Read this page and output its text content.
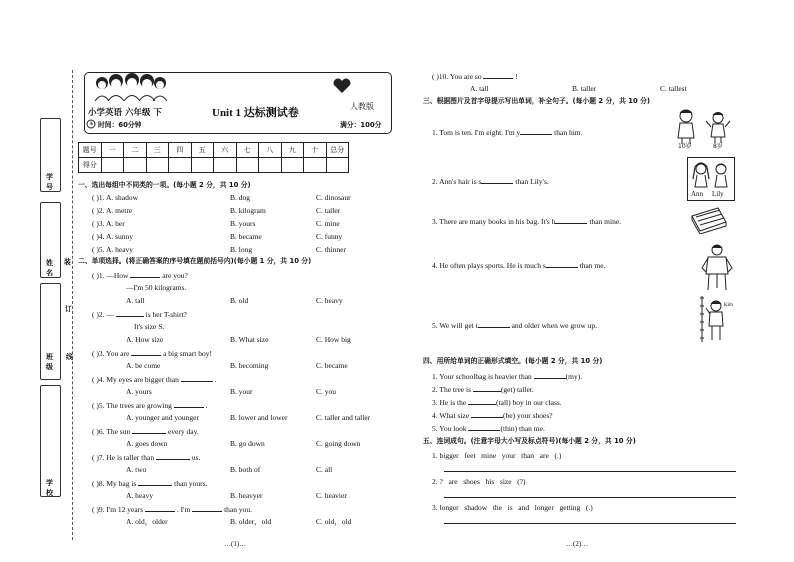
学号
姓名
班级
学校
装
订
线
小学英语 六年级 下	Unit 1 达标测试卷
人教版
时间：60分钟	满分：100分
题号	一	二	三	四	五	六	七	八	九	十	总分
得分											
一、选出每组中不同类的一项。(每小题 2 分，共 10 分)
( )1. A. shadow	B. dog	C. dinosaur
( )2. A. metre	B. kilogram	C. taller
( )3. A. her	B. yours	C. mine
( )4. A. sunny	B. became	C. funny
( )5. A. heavy	B. long	C. thinner
二、单项选择。(将正确答案的序号填在题前括号内)(每小题 1 分，共 10 分)
( )1. —How	are you?
—I'm 50 kilograms.
A. tall	B. old	C. heavy
( )2. —	is her T-shirt?
It's size S.
A. How size	B. What size	C. How big
( )3. You are	a big smart boy!
A. be come	B. becoming	C. became
( )4. My eyes are bigger than	.
A. yours	B. your	C. you
( )5. The trees are growing	.
A. younger and younger	B. lower and lower	C. taller and taller
( )6. The sun	every day.
A. goes down	B. go down	C. going down
( )7. He is taller than	us.
A. two	B. both of	C. all
( )8. My bag is	than yours.
A. heavy	B. heavyer	C. heavier
( )9. I'm 12 years	. I'm	than you.
A. old，older	B. older，old	C. old，old
…(1)…
( )10. You are so	!
A. tall	B. taller	C. tallest
三、根据图片及首字母提示写出单词，补全句子。(每小题 2 分，共 10 分)
1. Tom is ten. I'm eight. I'm y	than him.
2. Ann's hair is s	than Lily's.
3. There are many books in his bag. It's h	than mine.
4. He often plays sports. He is much s	than me.
5. We will get t	and older when we grow up.
10岁	8岁
Ann Lily
Kim
四、用所给单词的正确形式填空。(每小题 2 分，共 10 分)
1. Your schoolbag is heavier than	(my).
2. The tree is	(get) taller.
3. He is the	(tall) boy in our class.
4. What size	(be) your shoes?
5. You look	(thin) than me.
五、连词成句。(注意字母大小写及标点符号)(每小题 2 分，共 10 分)
1. bigger   feet   mine   your   than   are   (.)
2. ?   are   shoes   his   size   (?)
3. longer   shadow   the   is   and   longer   getting   (.)
…(2)…
